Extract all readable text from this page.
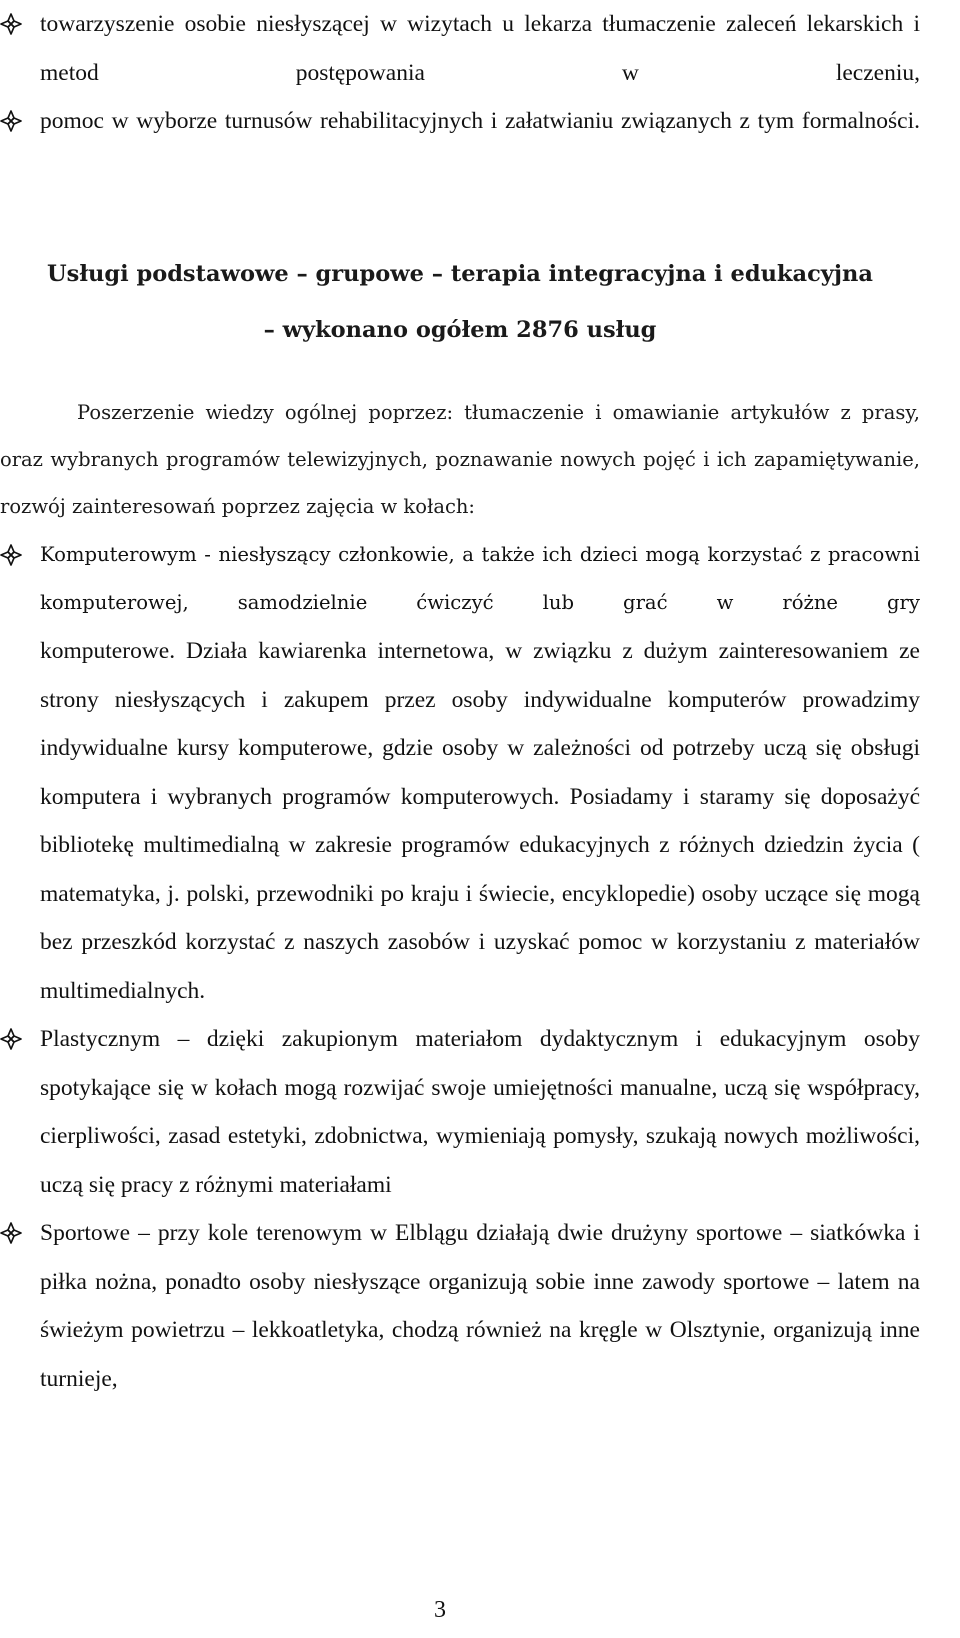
towarzyszenie osobie niesłyszącej w wizytach u lekarza tłumaczenie zaleceń lekarskich i metod postępowania w leczeniu,
pomoc w wyborze turnusów rehabilitacyjnych i załatwianiu związanych z tym formalności.
Usługi podstawowe – grupowe – terapia integracyjna i edukacyjna
– wykonano ogółem 2876 usług

Poszerzenie wiedzy ogólnej poprzez: tłumaczenie i omawianie artykułów z prasy, oraz wybranych programów telewizyjnych, poznawanie nowych pojęć i ich zapamiętywanie, rozwój zainteresowań poprzez zajęcia w kołach:

Komputerowym - niesłyszący członkowie, a także ich dzieci mogą korzystać z pracowni komputerowej, samodzielnie ćwiczyć lub grać w różne gry
komputerowe. Działa kawiarenka internetowa, w związku z dużym zainteresowaniem ze strony niesłyszących i zakupem przez osoby indywidualne komputerów prowadzimy indywidualne kursy komputerowe, gdzie osoby w zależności od potrzeby uczą się obsługi komputera i wybranych programów komputerowych. Posiadamy i staramy się doposażyć bibliotekę multimedialną w zakresie programów edukacyjnych z różnych dziedzin życia ( matematyka, j. polski, przewodniki po kraju i świecie, encyklopedie) osoby uczące się mogą bez przeszkód korzystać z naszych zasobów i uzyskać pomoc w korzystaniu z materiałów multimedialnych.
Plastycznym – dzięki zakupionym materiałom dydaktycznym i edukacyjnym osoby spotykające się w kołach mogą rozwijać swoje umiejętności manualne, uczą się współpracy, cierpliwości, zasad estetyki, zdobnictwa, wymieniają pomysły, szukają nowych możliwości, uczą się pracy z różnymi materiałami
Sportowe – przy kole terenowym w Elblągu działają dwie drużyny sportowe – siatkówka i piłka nożna, ponadto osoby niesłyszące organizują sobie inne zawody sportowe – latem na świeżym powietrzu – lekkoatletyka, chodzą również na kręgle w Olsztynie, organizują inne turnieje,
3
